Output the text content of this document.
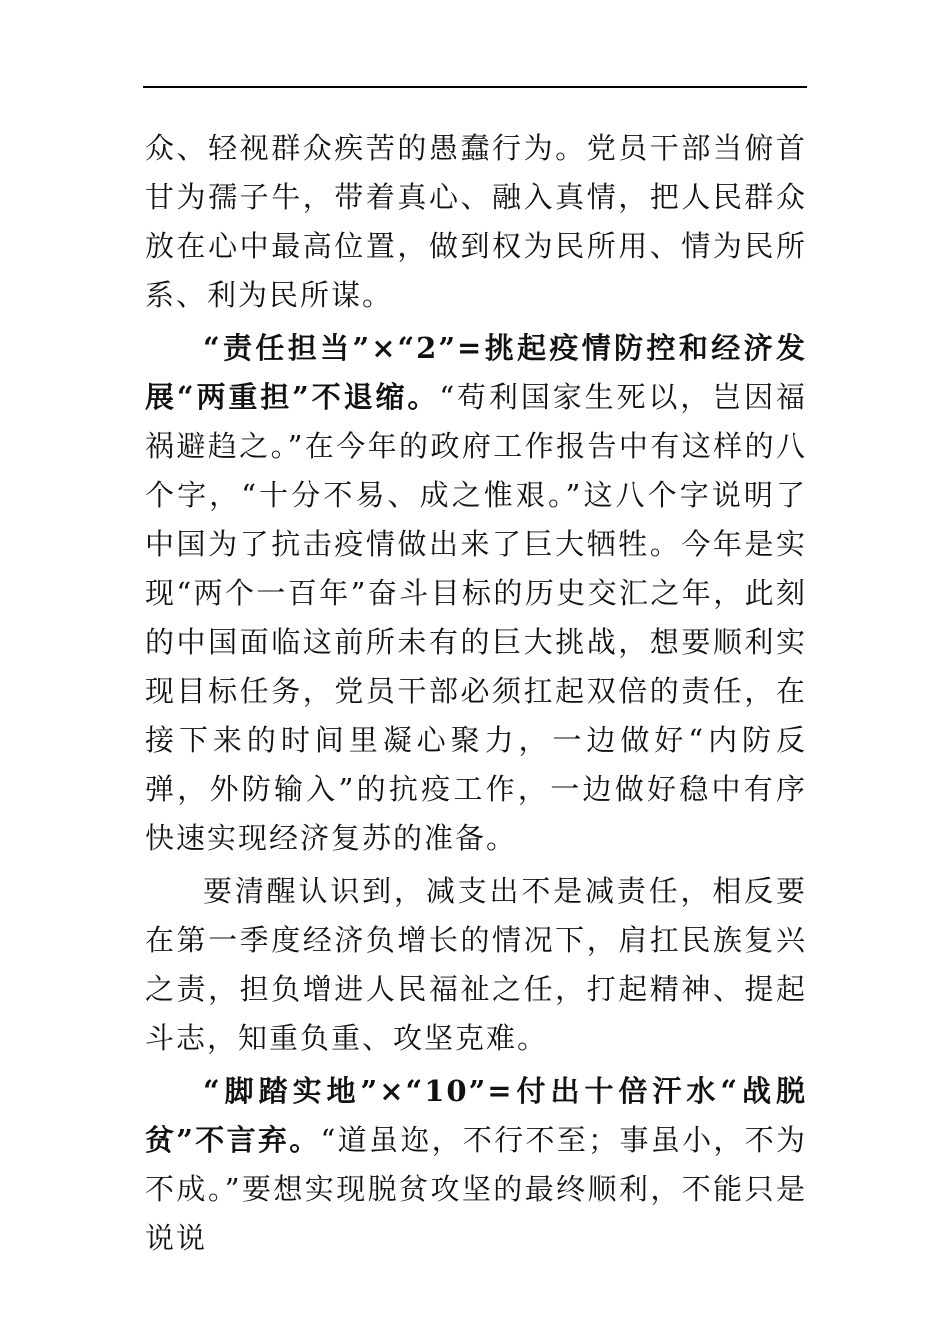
众、轻视群众疾苦的愚蠢行为。党员干部当俯首甘为孺子牛，带着真心、融入真情，把人民群众放在心中最高位置，做到权为民所用、情为民所系、利为民所谋。

“责任担当”×“2”=挑起疫情防控和经济发展“两重担”不退缩。“苟利国家生死以，岂因福祸避趋之。”在今年的政府工作报告中有这样的八个字，“十分不易、成之惟艰。”这八个字说明了中国为了抗击疫情做出来了巨大牺牲。今年是实现“两个一百年”奋斗目标的历史交汇之年，此刻的中国面临这前所未有的巨大挑战，想要顺利实现目标任务，党员干部必须扛起双倍的责任，在接下来的时间里凝心聚力，一边做好“内防反弹，外防输入”的抗疫工作，一边做好稳中有序快速实现经济复苏的准备。

要清醒认识到，减支出不是减责任，相反要在第一季度经济负增长的情况下，肩扛民族复兴之责，担负增进人民福祉之任，打起精神、提起斗志，知重负重、攻坚克难。

“脚踏实地”×“10”=付出十倍汗水“战脱贫”不言弃。“道虽迩，不行不至；事虽小，不为不成。”要想实现脱贫攻坚的最终顺利，不能只是说说
